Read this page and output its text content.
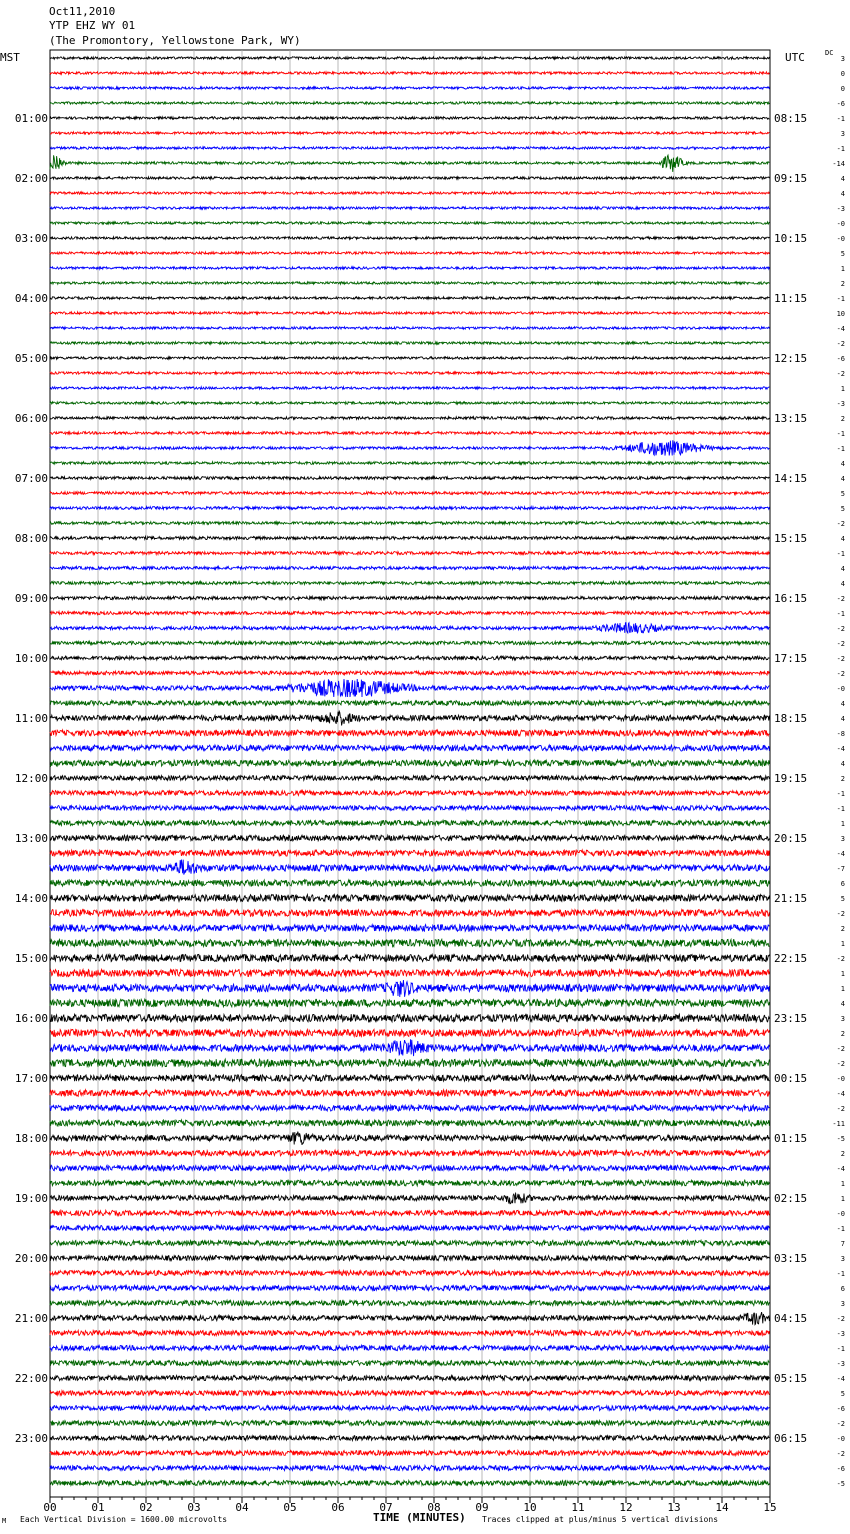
Oct11,2010
YTP EHZ WY 01
(The Promontory, Yellowstone Park, WY)
MST	UTC	DC
00	01	02	03	04	05	06	07	08	09	10	11	12	13	14	15
3
0
0
-6
-1
3
-1
-14
4
4
-3
-0
-0
5
1
2
-1
10
-4
-2
-6
-2
1
-3
2
-1
-1
4
4
5
5
-2
4
-1
4
4
-2
-1
-2
-2
-2
-2
-0
4
4
-8
-4
4
2
-1
-1
1
3
-4
-7
6
5
-2
2
1
-2
1
1
4
3
2
-2
-2
-0
-4
-2
-11
-5
2
-4
1
1
-0
-1
7
3
-1
6
3
-2
-3
-1
-3
-4
5
-6
-2
-0
-2
-6
-5
01:00
02:00
03:00
04:00
05:00
06:00
07:00
08:00
09:00
10:00
11:00
12:00
13:00
14:00
15:00
16:00
17:00
18:00
19:00
20:00
21:00
22:00
23:00
08:15
09:15
10:15
11:15
12:15
13:15
14:15
15:15
16:15
17:15
18:15
19:15
20:15
21:15
22:15
23:15
00:15
01:15
02:15
03:15
04:15
05:15
06:15
M Each Vertical Division = 1600.00 microvolts	TIME (MINUTES) Traces clipped at plus/minus 5 vertical divisions
